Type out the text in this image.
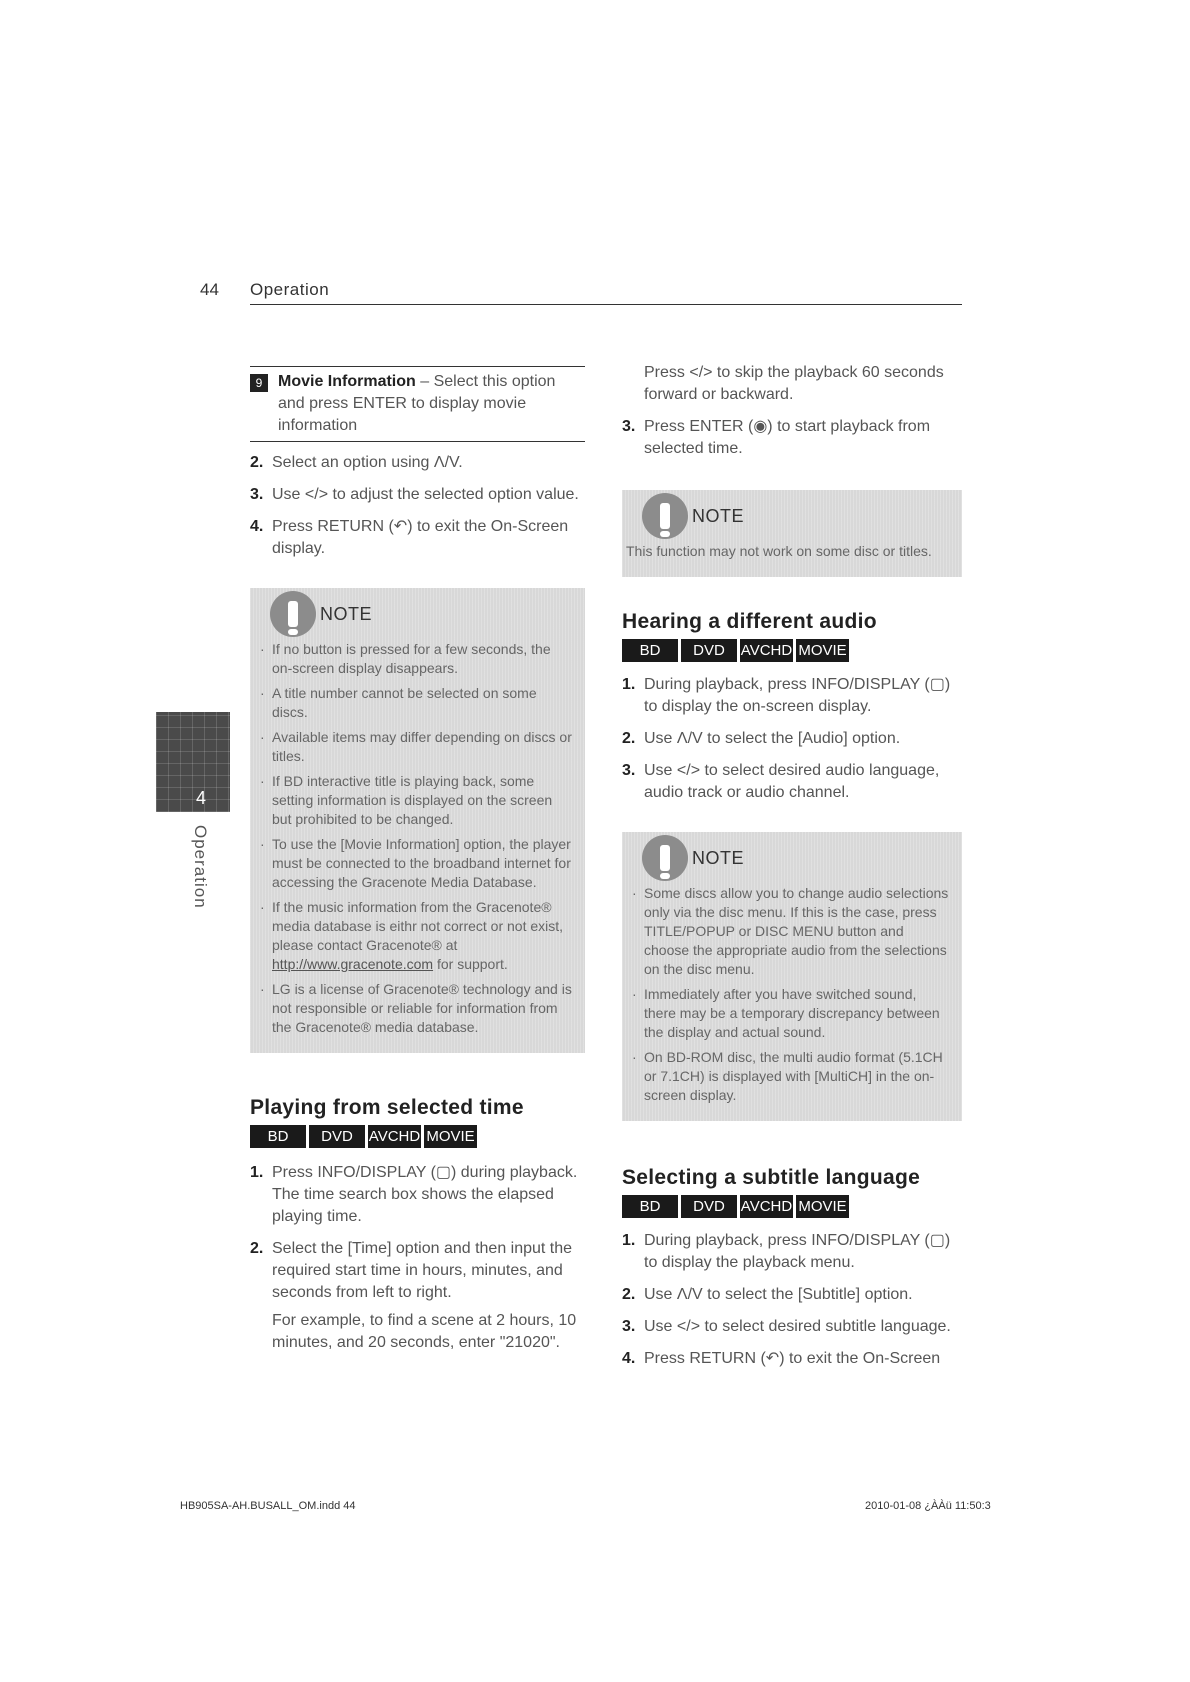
44 Operation
4
Operation
9 Movie Information – Select this option and press ENTER to display movie information
2. Select an option using Λ/V.
3. Use </> to adjust the selected option value.
4. Press RETURN (↶) to exit the On-Screen display.
NOTE
· If no button is pressed for a few seconds, the on-screen display disappears.
· A title number cannot be selected on some discs.
· Available items may differ depending on discs or titles.
· If BD interactive title is playing back, some setting information is displayed on the screen but prohibited to be changed.
· To use the [Movie Information] option, the player must be connected to the broadband internet for accessing the Gracenote Media Database.
· If the music information from the Gracenote® media database is eithr not correct or not exist, please contact Gracenote® at http://www.gracenote.com for support.
· LG is a license of Gracenote® technology and is not responsible or reliable for information from the Gracenote® media database.
Playing from selected time
BD	DVD	AVCHD MOVIE
1. Press INFO/DISPLAY (▢) during playback. The time search box shows the elapsed playing time.
2. Select the [Time] option and then input the required start time in hours, minutes, and seconds from left to right.
For example, to find a scene at 2 hours, 10 minutes, and 20 seconds, enter "21020".
Press </> to skip the playback 60 seconds forward or backward.
3. Press ENTER (◉) to start playback from selected time.
NOTE
This function may not work on some disc or titles.
Hearing a different audio
BD	DVD	AVCHD MOVIE
1. During playback, press INFO/DISPLAY (▢) to display the on-screen display.
2. Use Λ/V to select the [Audio] option.
3. Use </> to select desired audio language, audio track or audio channel.
NOTE
· Some discs allow you to change audio selections only via the disc menu. If this is the case, press TITLE/POPUP or DISC MENU button and choose the appropriate audio from the selections on the disc menu.
· Immediately after you have switched sound, there may be a temporary discrepancy between the display and actual sound.
· On BD-ROM disc, the multi audio format (5.1CH or 7.1CH) is displayed with [MultiCH] in the on-screen display.
Selecting a subtitle language
BD	DVD	AVCHD MOVIE
1. During playback, press INFO/DISPLAY (▢) to display the playback menu.
2. Use Λ/V to select the [Subtitle] option.
3. Use </> to select desired subtitle language.
4. Press RETURN (↶) to exit the On-Screen
HB905SA-AH.BUSALL_OM.indd 44	2010-01-08 ¿ÀÀü 11:50:3
